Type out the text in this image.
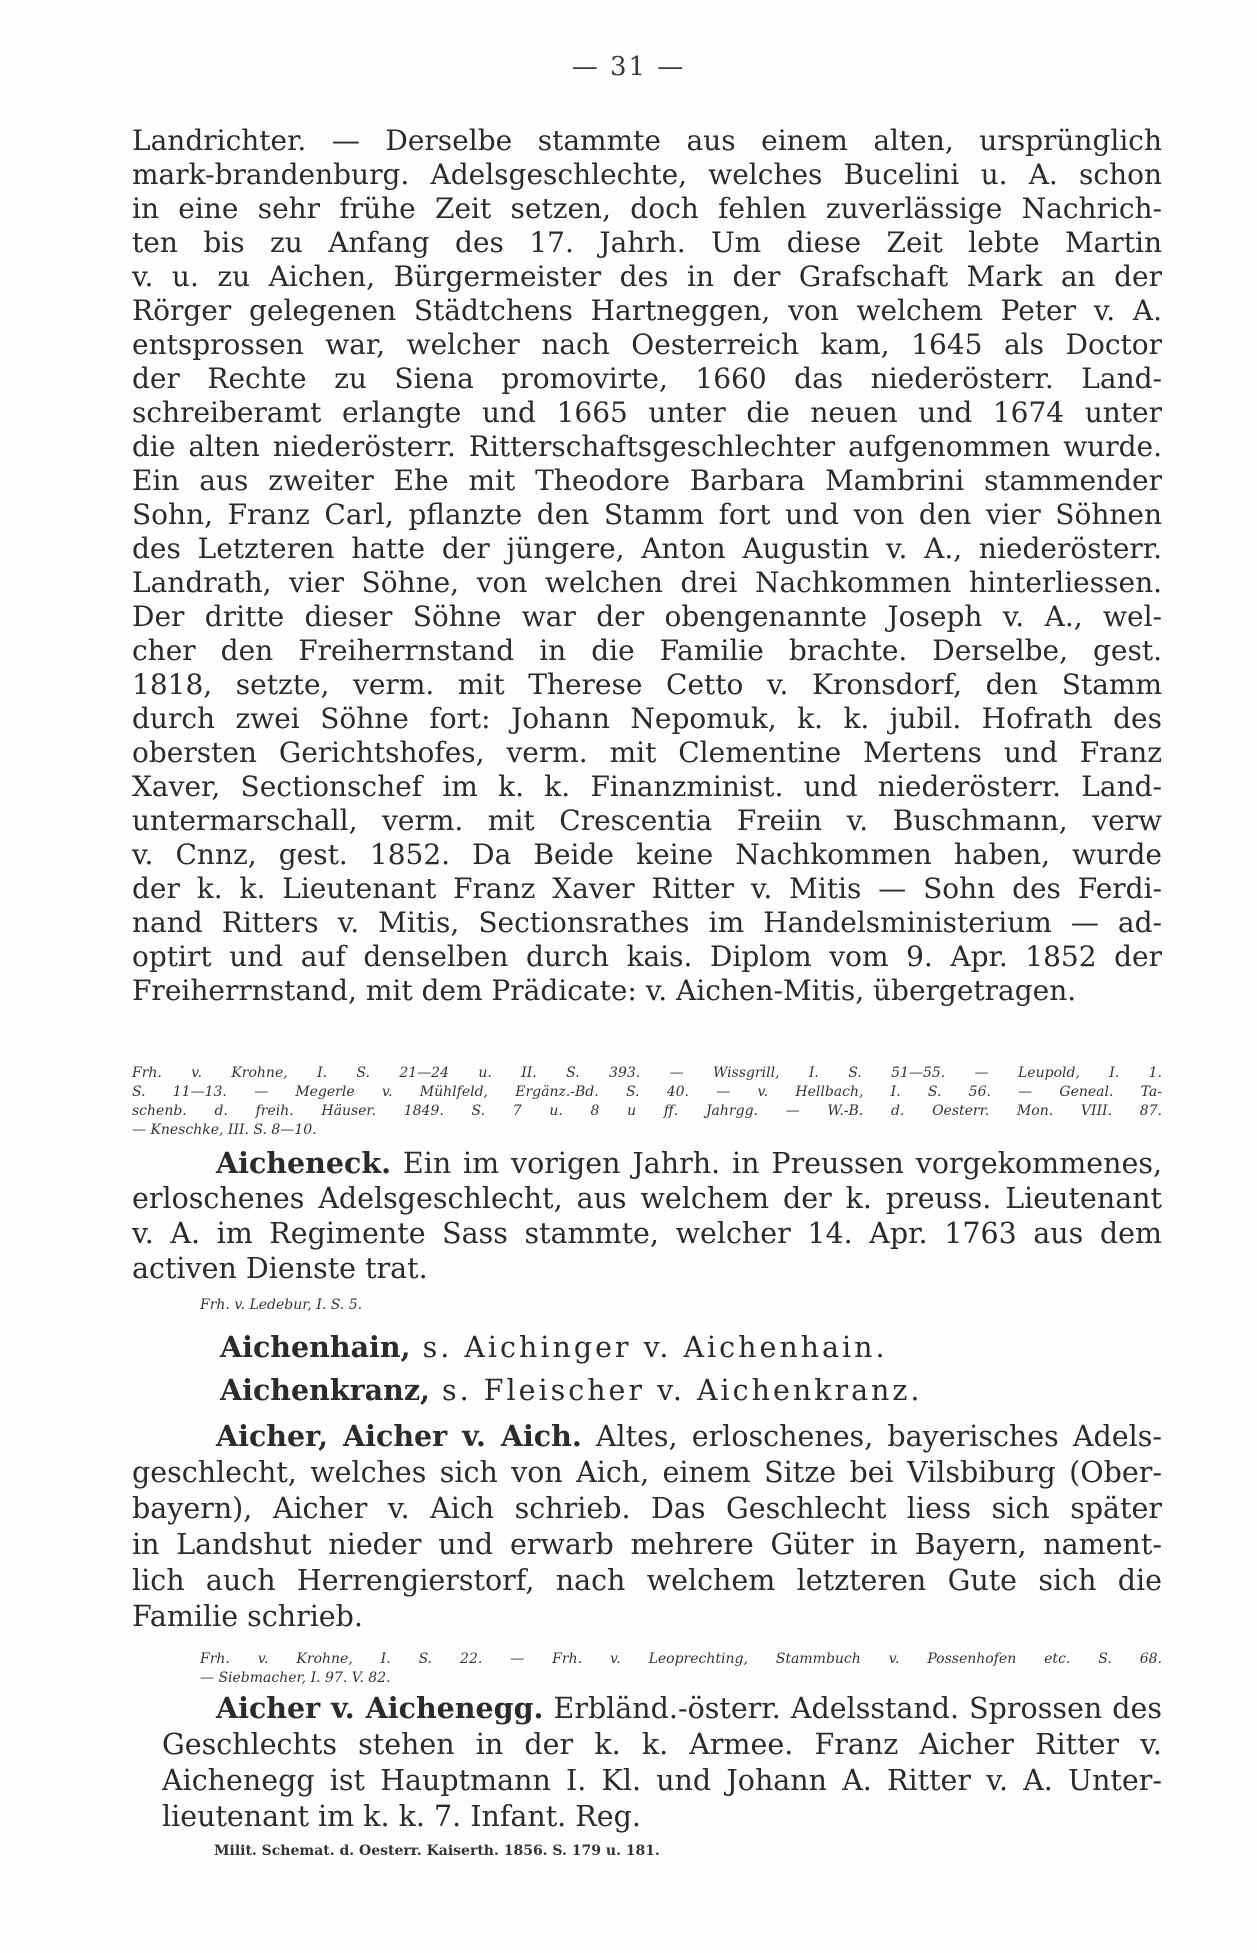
— 31 —
Landrichter. — Derselbe stammte aus einem alten, ursprünglich
mark-brandenburg. Adelsgeschlechte, welches Bucelini u. A. schon
in eine sehr frühe Zeit setzen, doch fehlen zuverlässige Nachrich-
ten bis zu Anfang des 17. Jahrh. Um diese Zeit lebte Martin
v. u. zu Aichen, Bürgermeister des in der Grafschaft Mark an der
Rörger gelegenen Städtchens Hartneggen, von welchem Peter v. A.
entsprossen war, welcher nach Oesterreich kam, 1645 als Doctor
der Rechte zu Siena promovirte, 1660 das niederösterr. Land-
schreiberamt erlangte und 1665 unter die neuen und 1674 unter
die alten niederösterr. Ritterschaftsgeschlechter aufgenommen wurde.
Ein aus zweiter Ehe mit Theodore Barbara Mambrini stammender
Sohn, Franz Carl, pflanzte den Stamm fort und von den vier Söhnen
des Letzteren hatte der jüngere, Anton Augustin v. A., niederösterr.
Landrath, vier Söhne, von welchen drei Nachkommen hinterliessen.
Der dritte dieser Söhne war der obengenannte Joseph v. A., wel-
cher den Freiherrnstand in die Familie brachte. Derselbe, gest.
1818, setzte, verm. mit Therese Cetto v. Kronsdorf, den Stamm
durch zwei Söhne fort: Johann Nepomuk, k. k. jubil. Hofrath des
obersten Gerichtshofes, verm. mit Clementine Mertens und Franz
Xaver, Sectionschef im k. k. Finanzminist. und niederösterr. Land-
untermarschall, verm. mit Crescentia Freiin v. Buschmann, verw
v. Cnnz, gest. 1852. Da Beide keine Nachkommen haben, wurde
der k. k. Lieutenant Franz Xaver Ritter v. Mitis — Sohn des Ferdi-
nand Ritters v. Mitis, Sectionsrathes im Handelsministerium — ad-
optirt und auf denselben durch kais. Diplom vom 9. Apr. 1852 der
Freiherrnstand, mit dem Prädicate: v. Aichen-Mitis, übergetragen.
Frh. v. Krohne, I. S. 21—24 u. II. S. 393. — Wissgrill, I. S. 51—55. — Leupold, I. 1.
S. 11—13. — Megerle v. Mühlfeld, Ergänz.-Bd. S. 40. — v. Hellbach, I. S. 56. — Geneal. Ta-
schenb. d. freih. Häuser. 1849. S. 7 u. 8 u ff. Jahrgg. — W.-B. d. Oesterr. Mon. VIII. 87.
— Kneschke, III. S. 8—10.
Aicheneck. Ein im vorigen Jahrh. in Preussen vorgekommenes,
erloschenes Adelsgeschlecht, aus welchem der k. preuss. Lieutenant
v. A. im Regimente Sass stammte, welcher 14. Apr. 1763 aus dem
activen Dienste trat.
Frh. v. Ledebur, I. S. 5.
Aichenhain, s. Aichinger v. Aichenhain.
Aichenkranz, s. Fleischer v. Aichenkranz.
Aicher, Aicher v. Aich. Altes, erloschenes, bayerisches Adels-
geschlecht, welches sich von Aich, einem Sitze bei Vilsbiburg (Ober-
bayern), Aicher v. Aich schrieb. Das Geschlecht liess sich später
in Landshut nieder und erwarb mehrere Güter in Bayern, nament-
lich auch Herrengierstorf, nach welchem letzteren Gute sich die
Familie schrieb.
Frh. v. Krohne, I. S. 22. — Frh. v. Leoprechting, Stammbuch v. Possenhofen etc. S. 68.
— Siebmacher, I. 97. V. 82.
Aicher v. Aichenegg. Erbländ.-österr. Adelsstand. Sprossen des
Geschlechts stehen in der k. k. Armee. Franz Aicher Ritter v.
Aichenegg ist Hauptmann I. Kl. und Johann A. Ritter v. A. Unter-
lieutenant im k. k. 7. Infant. Reg.
Milit. Schemat. d. Oesterr. Kaiserth. 1856. S. 179 u. 181.
